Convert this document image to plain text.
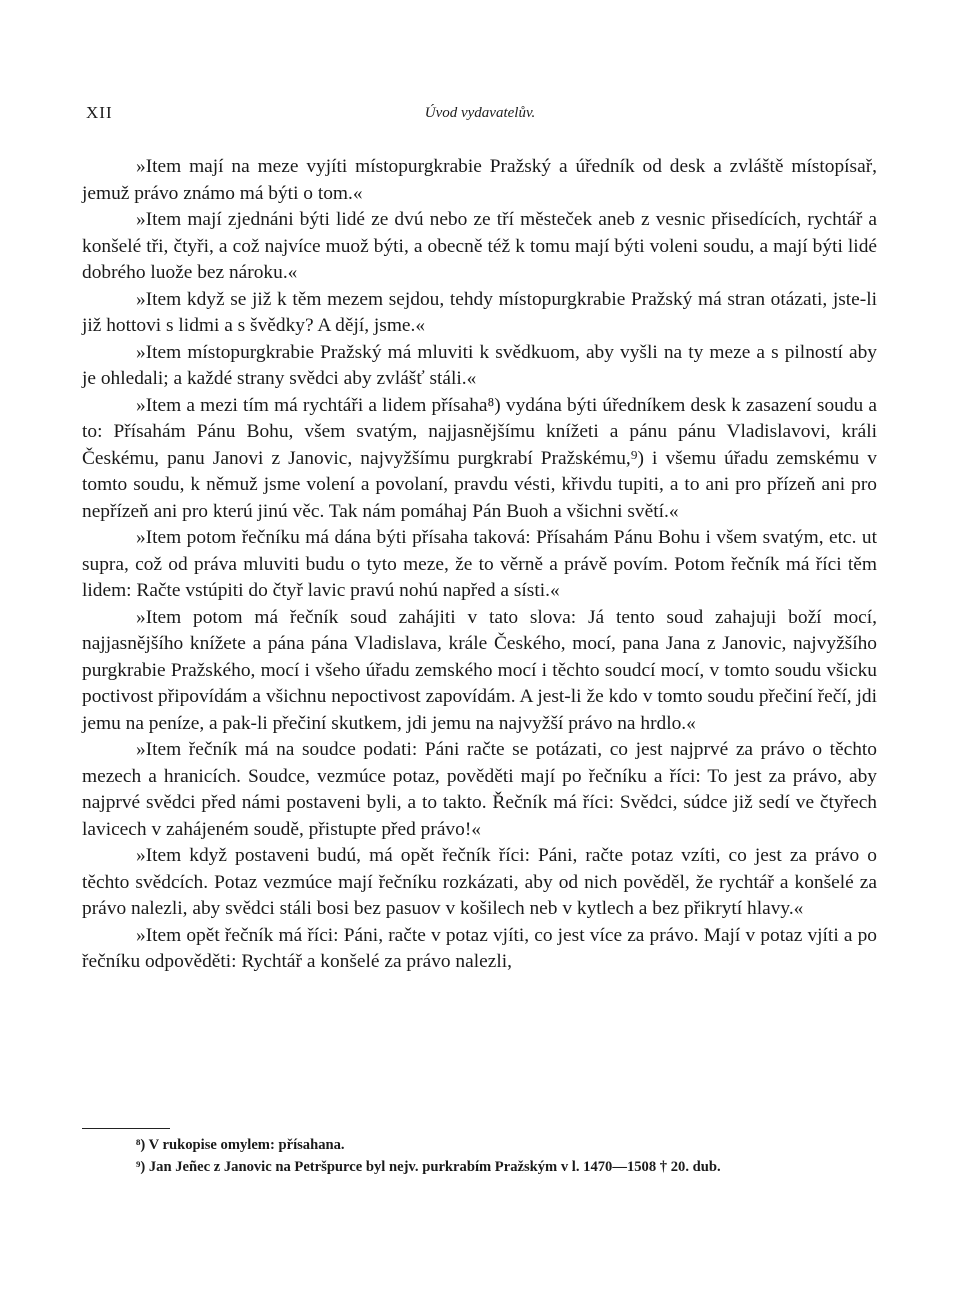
XII	Úvod vydavatelův.

»Item mají na meze vyjíti místopurgkrabie Pražský a úředník od desk a zvláště místopísař, jemuž právo známo má býti o tom.«

»Item mají zjednáni býti lidé ze dvú nebo ze tří městeček aneb z vesnic přisedících, rychtář a konšelé tři, čtyři, a což najvíce muož býti, a obecně též k tomu mají býti voleni soudu, a mají býti lidé dobrého luože bez nároku.«

»Item když se již k těm mezem sejdou, tehdy místopurgkrabie Pražský má stran otázati, jste-li již hottovi s lidmi a s švědky? A dějí, jsme.«

»Item místopurgkrabie Pražský má mluviti k svědkuom, aby vyšli na ty meze a s pilností aby je ohledali; a každé strany svědci aby zvlášť stáli.«

»Item a mezi tím má rychtáři a lidem přísaha⁸) vydána býti úředníkem desk k zasazení soudu a to: Přísahám Pánu Bohu, všem svatým, najjasnějšímu knížeti a pánu pánu Vladislavovi, králi Českému, panu Janovi z Janovic, najvyžšímu purgkrabí Pražskému,⁹) i všemu úřadu zemskému v tomto soudu, k němuž jsme volení a povolaní, pravdu vésti, křivdu tupiti, a to ani pro přízeň ani pro nepřízeň ani pro kterú jinú věc. Tak nám pomáhaj Pán Buoh a všichni světí.«

»Item potom řečníku má dána býti přísaha taková: Přísahám Pánu Bohu i všem svatým, etc. ut supra, což od práva mluviti budu o tyto meze, že to věrně a právě povím. Potom řečník má říci těm lidem: Račte vstúpiti do čtyř lavic pravú nohú napřed a sísti.«

»Item potom má řečník soud zahájiti v tato slova: Já tento soud zahajuji boží mocí, najjasnějšího knížete a pána pána Vladislava, krále Českého, mocí, pana Jana z Janovic, najvyžšího purgkrabie Pražského, mocí i všeho úřadu zemského mocí i těchto soudcí mocí, v tomto soudu všicku poctivost připovídám a všichnu nepoctivost zapovídám. A jest-li že kdo v tomto soudu přečiní řečí, jdi jemu na peníze, a pak-li přečiní skutkem, jdi jemu na najvyžší právo na hrdlo.«

»Item řečník má na soudce podati: Páni račte se potázati, co jest najprvé za právo o těchto mezech a hranicích. Soudce, vezmúce potaz, pověděti mají po řečníku a říci: To jest za právo, aby najprvé svědci před námi postaveni byli, a to takto. Řečník má říci: Svědci, súdce již sedí ve čtyřech lavicech v zahájeném soudě, přistupte před právo!«

»Item když postaveni budú, má opět řečník říci: Páni, račte potaz vzíti, co jest za právo o těchto svědcích. Potaz vezmúce mají řečníku rozkázati, aby od nich pověděl, že rychtář a konšelé za právo nalezli, aby svědci stáli bosi bez pasuov v košilech neb v kytlech a bez přikrytí hlavy.«

»Item opět řečník má říci: Páni, račte v potaz vjíti, co jest více za právo. Mají v potaz vjíti a po řečníku odpověděti: Rychtář a konšelé za právo nalezli,

⁸) V rukopise omylem: přísahana.

⁹) Jan Jeñec z Janovic na Petršpurce byl nejv. purkrabím Pražským v l. 1470—1508 † 20. dub.
